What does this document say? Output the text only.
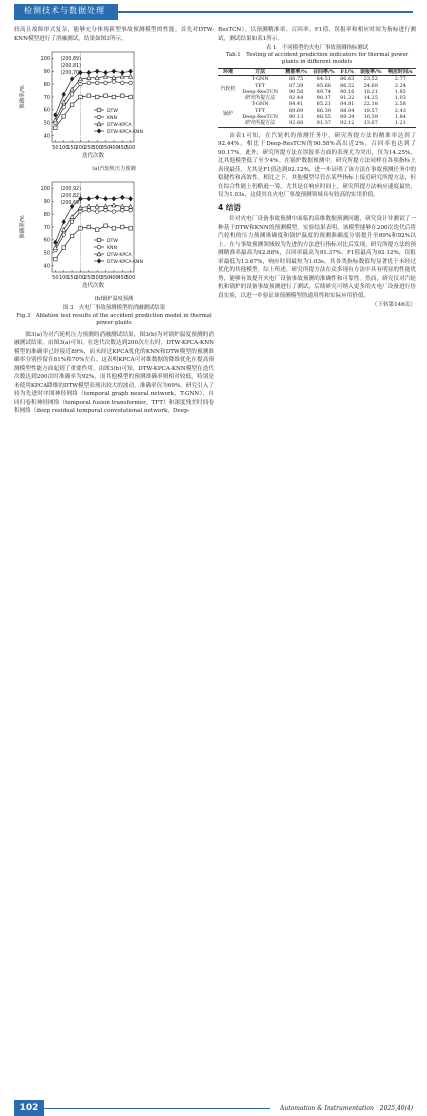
检测技术与数据处理

较高且故障形式复杂，能够充分体现新型事故预测模型的性能。首先对DTW-KNN模型进行了消融测试，结果如图3所示。

40
50
60
70
80
90
100
50 100
150
200
250
300
350
400
450
500
迭代次数
准确率/%
(200,89)
(200,81)
(200,70)
DTW
KNN
DTW-KPCA
DTW-KPCA-KNN
(a)汽轮机压力预测
40
50
60
70
80
90
100
50 100
150
200
250
300
350
400
450
500
迭代次数
准确率/%
(200,92)
(200,82)
(200,69)
DTW
KNN
DTW-KPCA
DTW-KPCA-KNN
(b)锅炉温度预测
图 3　火电厂事故预测模型的消融测试结果
Fig.3　Ablation test results of the accident prediction model in thermal power plants

图3(a)为对汽轮机压力预测的消融测试结果，图3(b)为对锅炉温度预测的消融测试结果。由图3(a)可知，在迭代次数达到200次左右时，DTW-KPCA-KNN模型的准确率已经接近89%，而未经过KPCA优化的KNN和DTW模型的预测准确率分别停留在81%和70%左右。这表明KPCA可对维数据的降维优化在提高预测模型性能方面起到了重要作用。由图3(b)可知，DTW-KPCA-KNN模型在迭代次数达到200次时准确率为92%，而其他模型的预测准确率则相对较低，特别是未使用KPCA降维的DTW模型表现出较大的波动，准确率仅为69%。研究引入了较为先进时序图神经网络（temporal graph neural network，T-GNN）、自回归卷积神经网络（temporal fusion transformer，TFT）和深度残差时间卷积网络（deep residual temporal convolutional network，Deep-

ResTCN）。以预测精准率、召回率、F1值、误报率和相应时间为指标进行测试，测试结果如表1所示。

表 1　不同模型的火电厂事故预测指标测试
Tab.1　Testing of accident prediction indicators for thermal power plants in different models
环境	方法	精准率/%	召回率/%	F1/%	误报率/%	响应时间/s
汽轮机	T-GNN	88.75	84.51	86.63	23.52	2.77
	TFT	87.39	85.66	86.52	24.69	2.24
	Deep-ResTCN	90.58	89.74	90.16	18.21	1.85
	研究所提方法	92.44	90.17	91.32	14.25	1.03
锅炉	T-GNN	84.41	85.21	84.81	22.18	2.58
	TFT	89.69	86.39	88.04	18.57	2.43
	Deep-ResTCN	90.13	88.55	89.34	16.39	1.84
	研究所提方法	92.88	91.37	92.12	13.67	1.21

由表1可知，在汽轮机的预测任务中，研究所提方法的精准率达到了92.44%，相比于Deep-ResTCN的90.58%高出近2%，召回率也达到了90.17%。此外，研究所提方法在误报率方面的表现尤为突出，仅为14.25%，比其他模型低了至少4%。在锅炉数据预测中，研究所提方法同样在各项指标上表现最佳，尤其是F1值达到92.12%，进一步证明了该方法在事故预测任务中的稳健性和高效性。相比之下，其他模型尽管在某些指标上接近研究所提方法，但在综合性能上仍略逊一筹，尤其是在响应时间上，研究所提方法响应速度最快，仅为1.03s，这使其在火电厂事故预测领域具有较高的实用价值。

4 结语

针对火电厂设备事故预测中面临的高维数据预测问题，研究设计并测试了一种基于DTW和KNN的预测模型。实验结果表明，该模型能够在200次迭代后将汽轮机的压力预测准确度和锅炉温度的预测准确度分别提升至89%和92%以上。在与事故预测领域较为先进的方法进行指标对比后发现，研究所提方法的预测精准率最高为92.88%，召回率最高为91.37%，F1值最高为92.12%，误报率最低为13.67%，响应时间最短为1.03s，其各类指标数值均显著优于未经过优化的其他模型。综上所述，研究所提方法在众多现有方法中具有明显的性能优势，能够有效提升火电厂设备事故预测的准确性和可靠性。然而，研究仅对汽轮机和锅炉的设备事故预测进行了测试，后续研究可纳入更多的火电厂设备进行仿真实验，以进一步验证该预测模型的通用性和实际应用价值。

（下转第146页）
102	Automation & Instrumentation　2025,40(4)
